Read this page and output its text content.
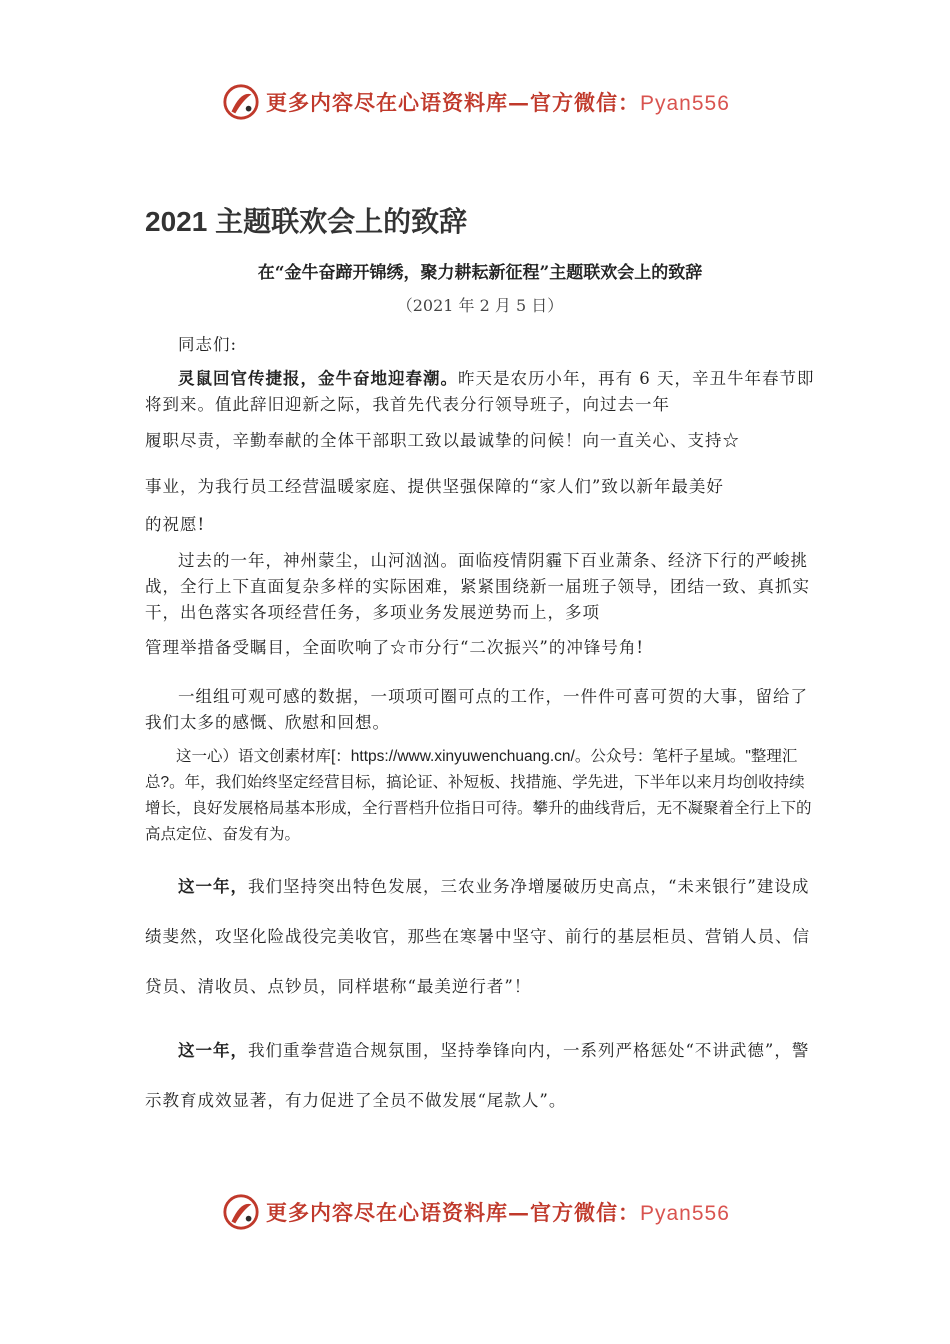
更多内容尽在心语资料库—官方微信：Pyan556
2021 主题联欢会上的致辞

在“金牛奋蹄开锦绣，聚力耕耘新征程”主题联欢会上的致辞

（2021 年 2 月 5 日）

同志们:

灵鼠回官传捷报，金牛奋地迎春潮。昨天是农历小年，再有 6 天，辛丑牛年春节即将到来。值此辞旧迎新之际，我首先代表分行领导班子，向过去一年

履职尽责，辛勤奉献的全体干部职工致以最诚挚的问候！向一直关心、支持☆

事业，为我行员工经营温暖家庭、提供坚强保障的“家人们”致以新年最美好

的祝愿!

过去的一年，神州蒙尘，山河汹汹。面临疫情阴霾下百业萧条、经济下行的严峻挑战，全行上下直面复杂多样的实际困难，紧紧围绕新一届班子领导，团结一致、真抓实干，出色落实各项经营任务，多项业务发展逆势而上，多项

管理举措备受瞩目，全面吹响了☆市分行“二次振兴”的冲锋号角!

一组组可观可感的数据，一项项可圈可点的工作，一件件可喜可贺的大事，留给了我们太多的感慨、欣慰和回想。

这一心）语文创素材库[：https://www.xinyuwenchuang.cn/。公众号：笔杆子星域。"整理汇总?。年，我们始终坚定经营目标，搞论证、补短板、找措施、学先进，下半年以来月均创收持续增长，良好发展格局基本形成，全行晋档升位指日可待。攀升的曲线背后，无不凝聚着全行上下的高点定位、奋发有为。

这一年，我们坚持突出特色发展，三农业务净增屡破历史高点，“未来银行”建设成绩斐然，攻坚化险战役完美收官，那些在寒暑中坚守、前行的基层柜员、营销人员、信贷员、清收员、点钞员，同样堪称“最美逆行者”！

这一年，我们重拳营造合规氛围，坚持拳锋向内，一系列严格惩处“不讲武德”，警示教育成效显著，有力促进了全员不做发展“尾款人”。

更多内容尽在心语资料库—官方微信：Pyan556
